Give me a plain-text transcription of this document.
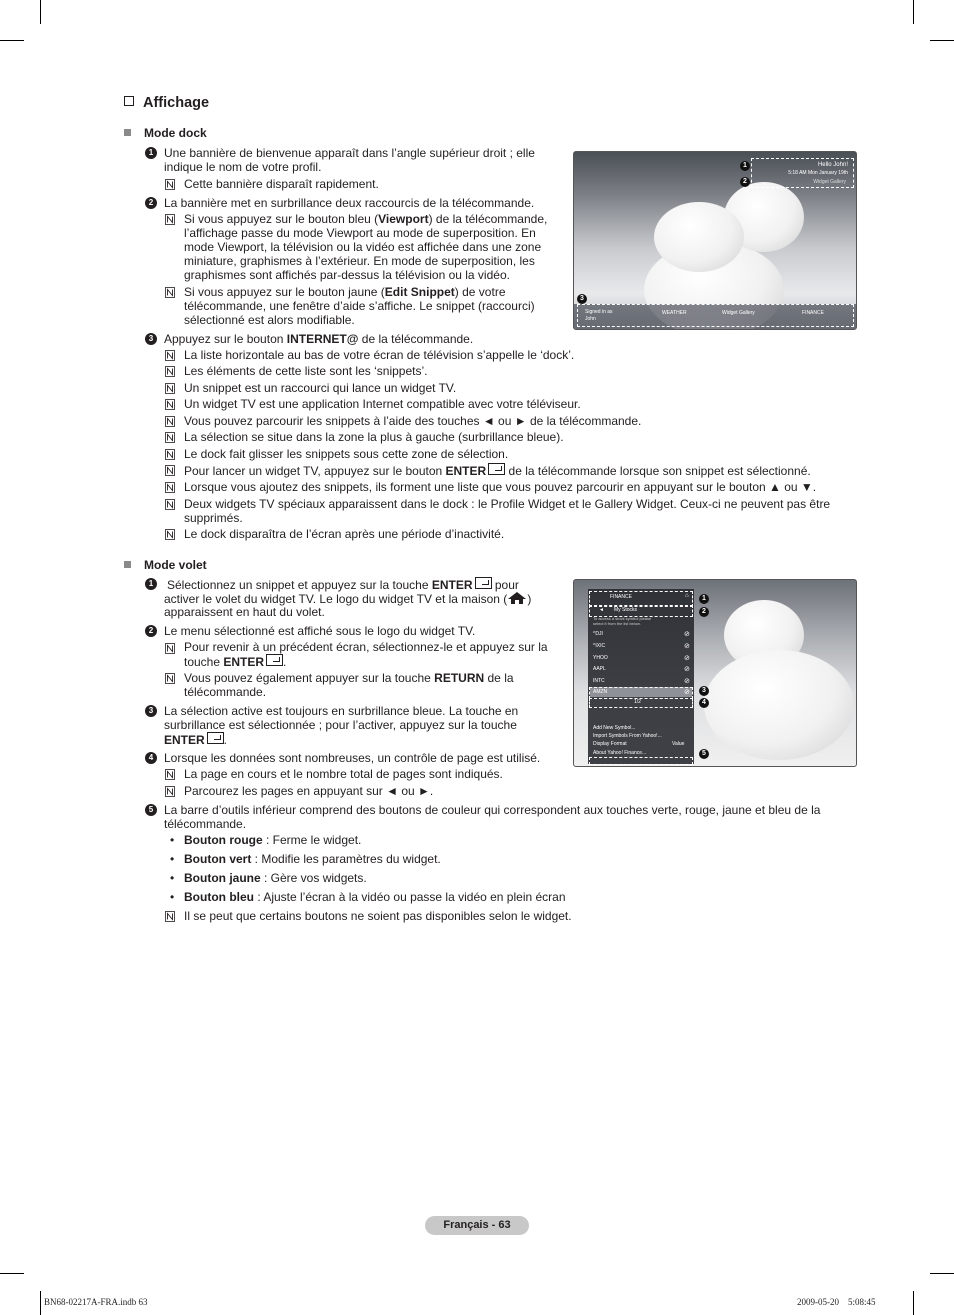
Affichage
Mode dock
1 Une bannière de bienvenue apparaît dans l’angle supérieur droit ; elle
indique le nom de votre profil.
Cette bannière disparaît rapidement.
2 La bannière met en surbrillance deux raccourcis de la télécommande.
Si vous appuyez sur le bouton bleu (Viewport) de la télécommande,
l’affichage passe du mode Viewport au mode de superposition. En
mode Viewport, la télévision ou la vidéo est affichée dans une zone
miniature, graphismes à l’extérieur. En mode de superposition, les
graphismes sont affichés par-dessus la télévision ou la vidéo.
Si vous appuyez sur le bouton jaune (Edit Snippet) de votre
télécommande, une fenêtre d’aide s’affiche. Le snippet (raccourci)
sélectionné est alors modifiable.
3 Appuyez sur le bouton INTERNET@ de la télécommande.
La liste horizontale au bas de votre écran de télévision s’appelle le ‘dock’.
Les éléments de cette liste sont les ‘snippets’.
Un snippet est un raccourci qui lance un widget TV.
Un widget TV est une application Internet compatible avec votre téléviseur.
Vous pouvez parcourir les snippets à l’aide des touches ◄ ou ► de la télécommande.
La sélection se situe dans la zone la plus à gauche (surbrillance bleue).
Le dock fait glisser les snippets sous cette zone de sélection.
Pour lancer un widget TV, appuyez sur le bouton ENTER de la télécommande lorsque son snippet est sélectionné.
Lorsque vous ajoutez des snippets, ils forment une liste que vous pouvez parcourir en appuyant sur le bouton ▲ ou ▼.
Deux widgets TV spéciaux apparaissent dans le dock : le Profile Widget et le Gallery Widget. Ceux-ci ne peuvent pas être
supprimés.
Le dock disparaîtra de l’écran après une période d’inactivité.
Hello John!
5:18 AM Mon January 19th
Widget Gallery
1
2
3
Signed in as
John
WEATHER	Widget Gallery	FINANCE
Mode volet
1	Sélectionnez un snippet et appuyez sur la touche ENTER pour
activer le volet du widget TV. Le logo du widget TV et la maison ( )
apparaissent en haut du volet.
2 Le menu sélectionné est affiché sous le logo du widget TV.
Pour revenir à un précédent écran, sélectionnez-le et appuyez sur la
touche ENTER .
Vous pouvez également appuyer sur la touche RETURN de la
télécommande.
3 La sélection active est toujours en surbrillance bleue. La touche en
surbrillance est sélectionnée ; pour l’activer, appuyez sur la touche
ENTER .
4 Lorsque les données sont nombreuses, un contrôle de page est utilisé.
La page en cours et le nombre total de pages sont indiqués.
Parcourez les pages en appuyant sur ◄ ou ►.
5 La barre d’outils inférieur comprend des boutons de couleur qui correspondent aux touches verte, rouge, jaune et bleu de la
télécommande.
• Bouton rouge : Ferme le widget.
• Bouton vert : Modifie les paramètres du widget.
• Bouton jaune : Gère vos widgets.
• Bouton bleu : Ajuste l’écran à la vidéo ou passe la vidéo en plein écran
Il se peut que certains boutons ne soient pas disponibles selon le widget.
FINANCE	⌂
◄ My Stocks
To access a stock symbol please
select it from the list below.
^DJI	⊘
^IXIC	⊘
YHOO	⊘
AAPL	⊘
INTC	⊘
AMZN	⊘
1/2
Add New Symbol...
Import Symbols From Yahoo!...
Display Format	Value
About Yahoo! Finance...
1
2
3
4
5
Français - 63
BN68-02217A-FRA.indb 63	2009-05-20    5:08:45
